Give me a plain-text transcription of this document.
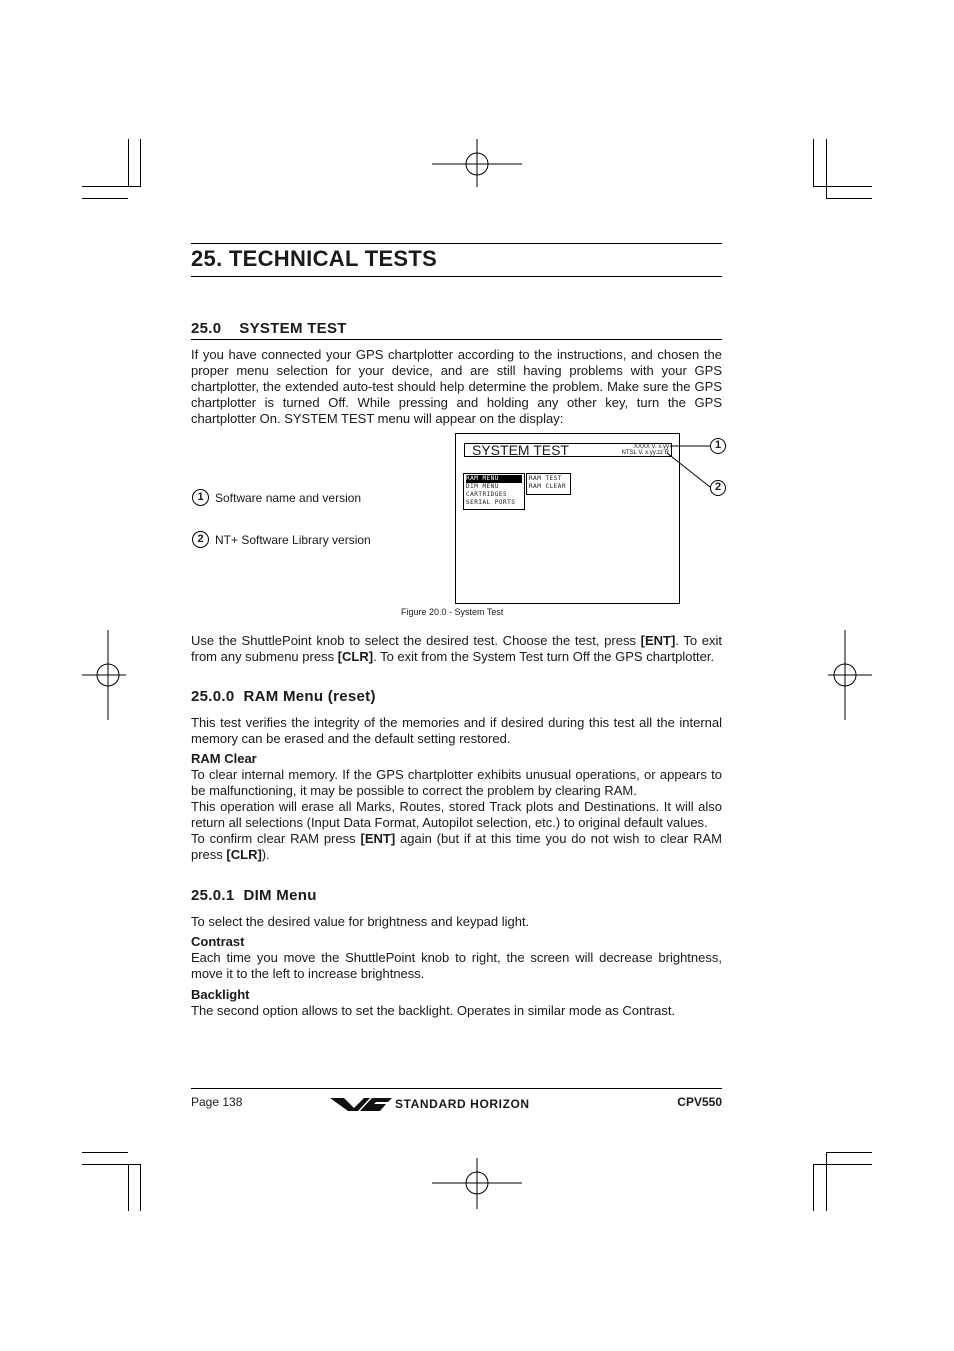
25. TECHNICAL TESTS
25.0    SYSTEM TEST

If you have connected your GPS chartplotter according to the instructions, and chosen the proper menu selection for your device, and are still having problems with your GPS chartplotter, the extended auto-test should help determine the problem. Make sure the GPS chartplotter is turned Off. While pressing and holding any other key, turn the GPS chartplotter On. SYSTEM TEST menu will appear on the display:

SYSTEM TEST	XXXX V. x.yy
NTSL V. x.yy.zz R
RAM MENU
DIM MENU
CARTRIDGES
SERIAL PORTS
RAM TEST
RAM CLEAR
1
2
1 Software name and version
2 NT+ Software Library version
Figure 20.0 - System Test

Use the ShuttlePoint knob to select the desired test. Choose the test, press [ENT]. To exit from any submenu press [CLR]. To exit from the System Test turn Off the GPS chartplotter.

25.0.0  RAM Menu (reset)

This test verifies the integrity of the memories and if desired during this test all the internal memory can be erased and the default setting restored.

RAM Clear

To clear internal memory. If the GPS chartplotter exhibits unusual operations, or appears to be malfunctioning, it may be possible to correct the problem by clearing RAM.
This operation will erase all Marks, Routes, stored Track plots and Destinations. It will also return all selections (Input Data Format, Autopilot selection, etc.) to original default values.
To confirm clear RAM press [ENT] again (but if at this time you do not wish to clear RAM press [CLR]).

25.0.1  DIM Menu

To select the desired value for brightness and keypad light.

Contrast

Each time you move the ShuttlePoint knob to right, the screen will decrease brightness, move it to the left to increase brightness.

Backlight

The second option allows to set the backlight. Operates in similar mode as Contrast.

Page 138	STANDARD HORIZON	CPV550
